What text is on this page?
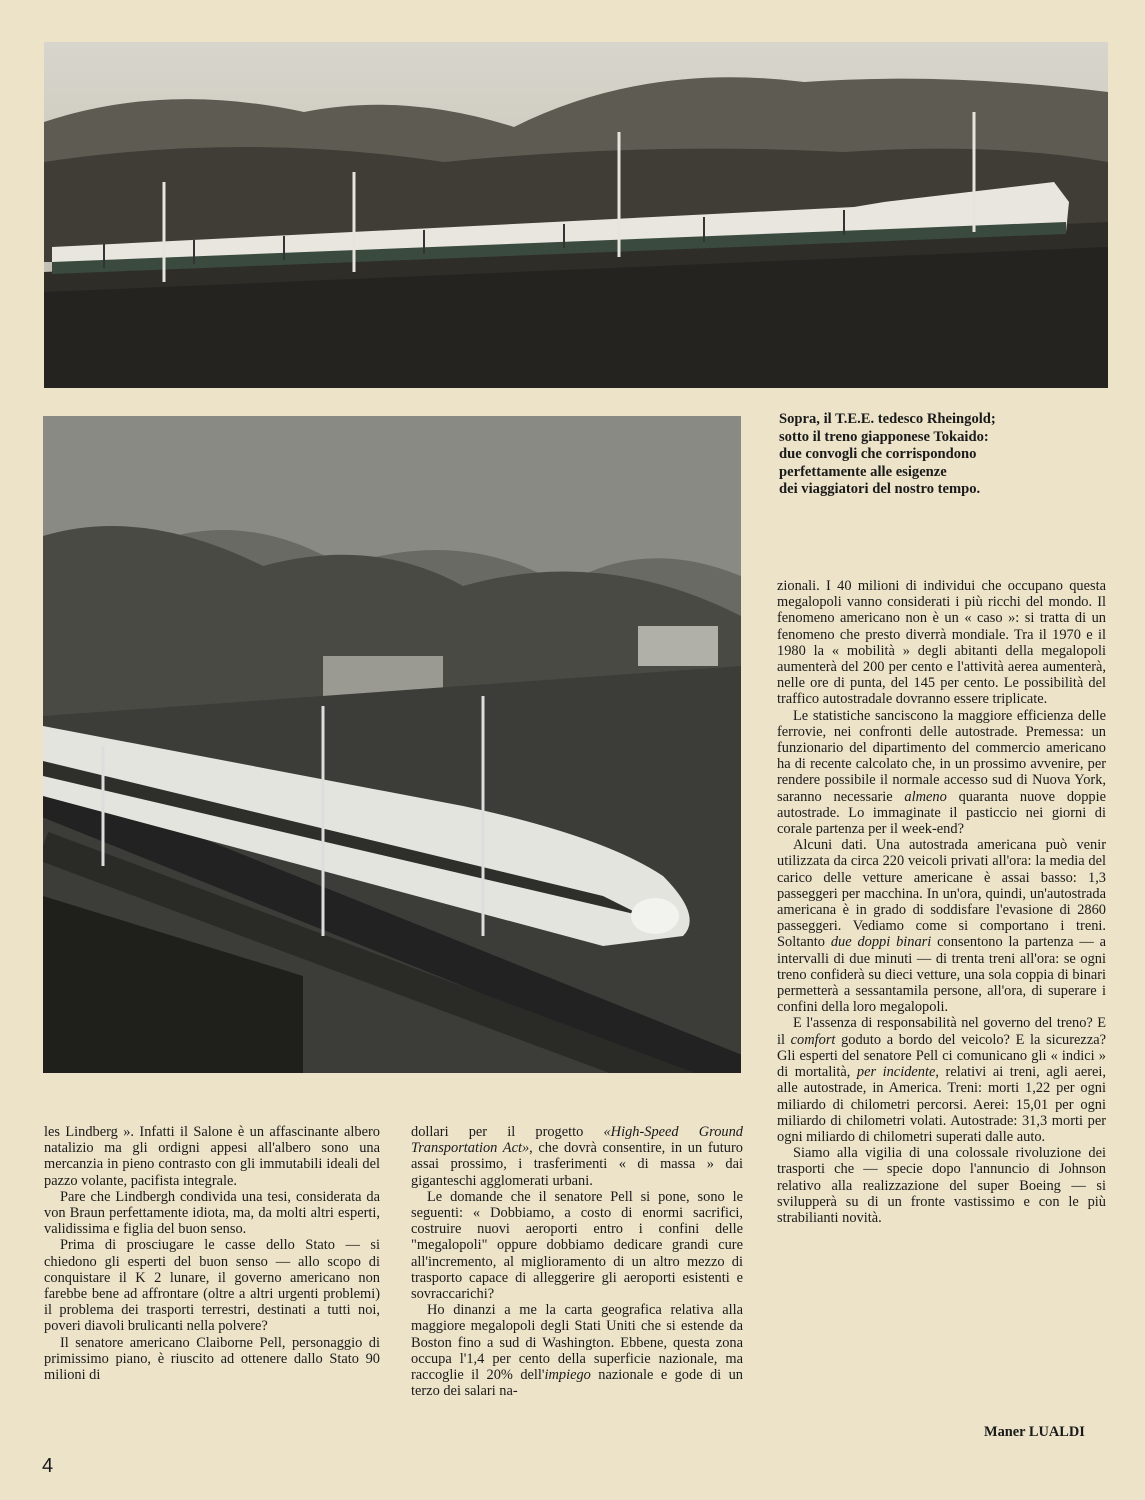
Sopra, il T.E.E. tedesco Rheingold;

sotto il treno giapponese Tokaido:

due convogli che corrispondono

perfettamente alle esigenze

dei viaggiatori del nostro tempo.

les Lindberg ». Infatti il Salone è un affascinante albero natalizio ma gli ordigni appesi all'albero sono una mercanzia in pieno contrasto con gli immutabili ideali del pazzo volante, pacifista integrale.

Pare che Lindbergh condivida una tesi, considerata da von Braun perfettamente idiota, ma, da molti altri esperti, validissima e figlia del buon senso.

Prima di prosciugare le casse dello Stato — si chiedono gli esperti del buon senso — allo scopo di conquistare il K 2 lunare, il governo americano non farebbe bene ad affrontare (oltre a altri urgenti problemi) il problema dei trasporti terrestri, destinati a tutti noi, poveri diavoli brulicanti nella polvere?

Il senatore americano Claiborne Pell, personaggio di primissimo piano, è riuscito ad ottenere dallo Stato 90 milioni di

dollari per il progetto «High-Speed Ground Transportation Act», che dovrà consentire, in un futuro assai prossimo, i trasferimenti « di massa » dai giganteschi agglomerati urbani.

Le domande che il senatore Pell si pone, sono le seguenti: « Dobbiamo, a costo di enormi sacrifici, costruire nuovi aeroporti entro i confini delle "megalopoli" oppure dobbiamo dedicare grandi cure all'incremento, al miglioramento di un altro mezzo di trasporto capace di alleggerire gli aeroporti esistenti e sovraccarichi?

Ho dinanzi a me la carta geografica relativa alla maggiore megalopoli degli Stati Uniti che si estende da Boston fino a sud di Washington. Ebbene, questa zona occupa l'1,4 per cento della superficie nazionale, ma raccoglie il 20% dell'impiego nazionale e gode di un terzo dei salari na-

zionali. I 40 milioni di individui che occupano questa megalopoli vanno considerati i più ricchi del mondo. Il fenomeno americano non è un « caso »: si tratta di un fenomeno che presto diverrà mondiale. Tra il 1970 e il 1980 la « mobilità » degli abitanti della megalopoli aumenterà del 200 per cento e l'attività aerea aumenterà, nelle ore di punta, del 145 per cento. Le possibilità del traffico autostradale dovranno essere triplicate.

Le statistiche sanciscono la maggiore efficienza delle ferrovie, nei confronti delle autostrade. Premessa: un funzionario del dipartimento del commercio americano ha di recente calcolato che, in un prossimo avvenire, per rendere possibile il normale accesso sud di Nuova York, saranno necessarie almeno quaranta nuove doppie autostrade. Lo immaginate il pasticcio nei giorni di corale partenza per il week-end?

Alcuni dati. Una autostrada americana può venir utilizzata da circa 220 veicoli privati all'ora: la media del carico delle vetture americane è assai basso: 1,3 passeggeri per macchina. In un'ora, quindi, un'autostrada americana è in grado di soddisfare l'evasione di 2860 passeggeri. Vediamo come si comportano i treni. Soltanto due doppi binari consentono la partenza — a intervalli di due minuti — di trenta treni all'ora: se ogni treno confiderà su dieci vetture, una sola coppia di binari permetterà a sessantamila persone, all'ora, di superare i confini della loro megalopoli.

E l'assenza di responsabilità nel governo del treno? E il comfort goduto a bordo del veicolo? E la sicurezza? Gli esperti del senatore Pell ci comunicano gli « indici » di mortalità, per incidente, relativi ai treni, agli aerei, alle autostrade, in America. Treni: morti 1,22 per ogni miliardo di chilometri percorsi. Aerei: 15,01 per ogni miliardo di chilometri volati. Autostrade: 31,3 morti per ogni miliardo di chilometri superati dalle auto.

Siamo alla vigilia di una colossale rivoluzione dei trasporti che — specie dopo l'annuncio di Johnson relativo alla realizzazione del super Boeing — si svilupperà su di un fronte vastissimo e con le più strabilianti novità.

Maner LUALDI
4
